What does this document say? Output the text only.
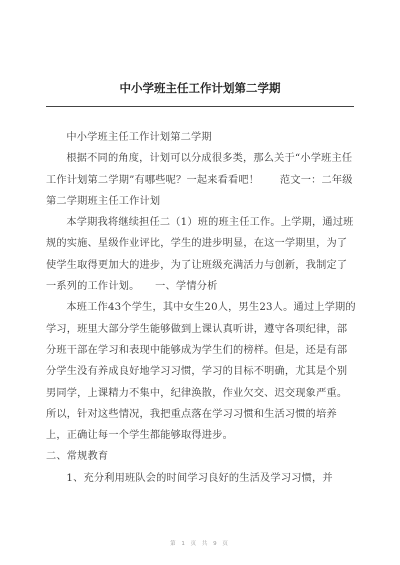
中小学班主任工作计划第二学期

中小学班主任工作计划第二学期

根据不同的角度，计划可以分成很多类，那么关于“小学班主任工作计划第二学期”有哪些呢？一起来看看吧！　　范文一：二年级第二学期班主任工作计划

本学期我将继续担任二（1）班的班主任工作。上学期，通过班规的实施、星级作业评比，学生的进步明显，在这一学期里，为了使学生取得更加大的进步，为了让班级充满活力与创新，我制定了一系列的工作计划。　　一、学情分析

本班工作43个学生，其中女生20人，男生23人。通过上学期的学习，班里大部分学生能够做到上课认真听讲，遵守各项纪律，部分班干部在学习和表现中能够成为学生们的榜样。但是，还是有部分学生没有养成良好地学习习惯，学习的目标不明确，尤其是个别男同学，上课精力不集中，纪律涣散，作业欠交、迟交现象严重。所以，针对这些情况，我把重点落在学习习惯和生活习惯的培养上，正确让每一个学生都能够取得进步。

二、常规教育

1、充分利用班队会的时间学习良好的生活及学习习惯，并

第 1 页 共 9 页
